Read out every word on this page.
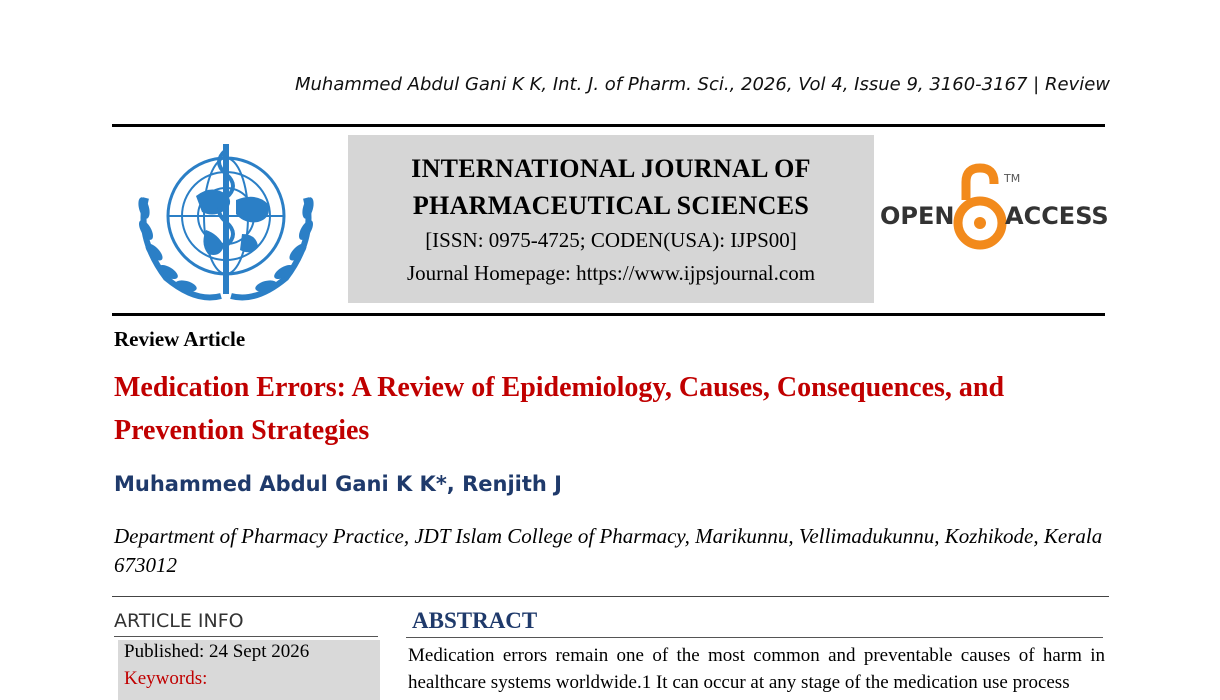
Muhammed Abdul Gani K K, Int. J. of Pharm. Sci., 2026, Vol 4, Issue 9, 3160-3167 | Review
INTERNATIONAL JOURNAL OF
PHARMACEUTICAL SCIENCES
[ISSN: 0975-4725; CODEN(USA): IJPS00]
Journal Homepage: https://www.ijpsjournal.com
OPEN ACCESS
TM
Review Article
Medication Errors: A Review of Epidemiology, Causes, Consequences, and Prevention Strategies
Muhammed Abdul Gani K K*, Renjith J
Department of Pharmacy Practice, JDT Islam College of Pharmacy, Marikunnu, Vellimadukunnu, Kozhikode, Kerala 673012
ARTICLE INFO
Published: 24 Sept 2026
Keywords:
ABSTRACT
Medication errors remain one of the most common and preventable causes of harm in healthcare systems worldwide.1 It can occur at any stage of the medication use process
